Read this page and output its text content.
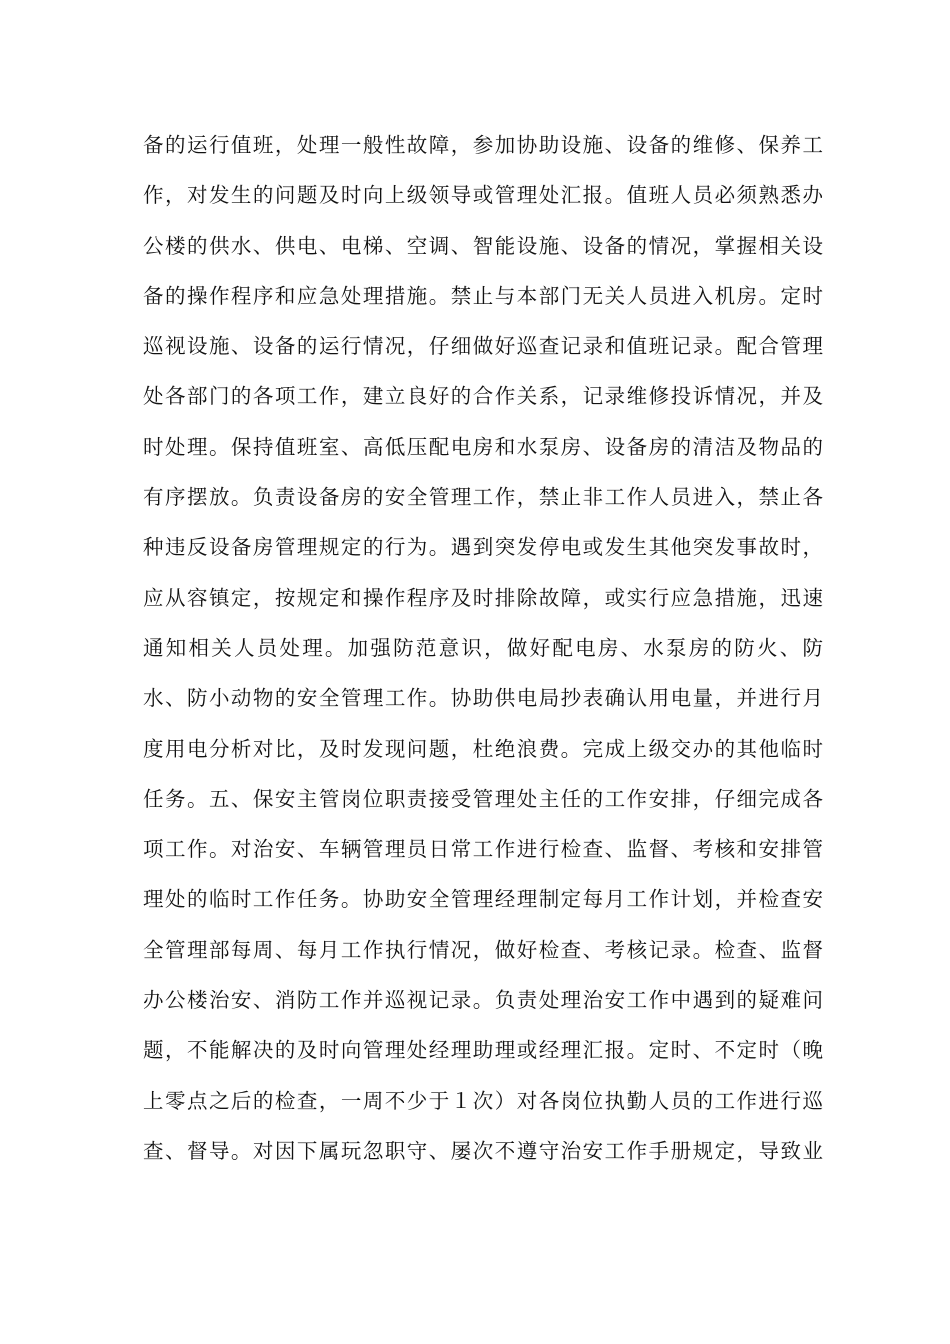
备的运行值班，处理一般性故障，参加协助设施、设备的维修、保养工
作，对发生的问题及时向上级领导或管理处汇报。值班人员必须熟悉办
公楼的供水、供电、电梯、空调、智能设施、设备的情况，掌握相关设
备的操作程序和应急处理措施。禁止与本部门无关人员进入机房。定时
巡视设施、设备的运行情况，仔细做好巡查记录和值班记录。配合管理
处各部门的各项工作，建立良好的合作关系，记录维修投诉情况，并及
时处理。保持值班室、高低压配电房和水泵房、设备房的清洁及物品的
有序摆放。负责设备房的安全管理工作，禁止非工作人员进入，禁止各
种违反设备房管理规定的行为。遇到突发停电或发生其他突发事故时，
应从容镇定，按规定和操作程序及时排除故障，或实行应急措施，迅速
通知相关人员处理。加强防范意识，做好配电房、水泵房的防火、防
水、防小动物的安全管理工作。协助供电局抄表确认用电量，并进行月
度用电分析对比，及时发现问题，杜绝浪费。完成上级交办的其他临时
任务。五、保安主管岗位职责接受管理处主任的工作安排，仔细完成各
项工作。对治安、车辆管理员日常工作进行检查、监督、考核和安排管
理处的临时工作任务。协助安全管理经理制定每月工作计划，并检查安
全管理部每周、每月工作执行情况，做好检查、考核记录。检查、监督
办公楼治安、消防工作并巡视记录。负责处理治安工作中遇到的疑难问
题，不能解决的及时向管理处经理助理或经理汇报。定时、不定时（晚
上零点之后的检查，一周不少于１次）对各岗位执勤人员的工作进行巡
查、督导。对因下属玩忽职守、屡次不遵守治安工作手册规定，导致业
